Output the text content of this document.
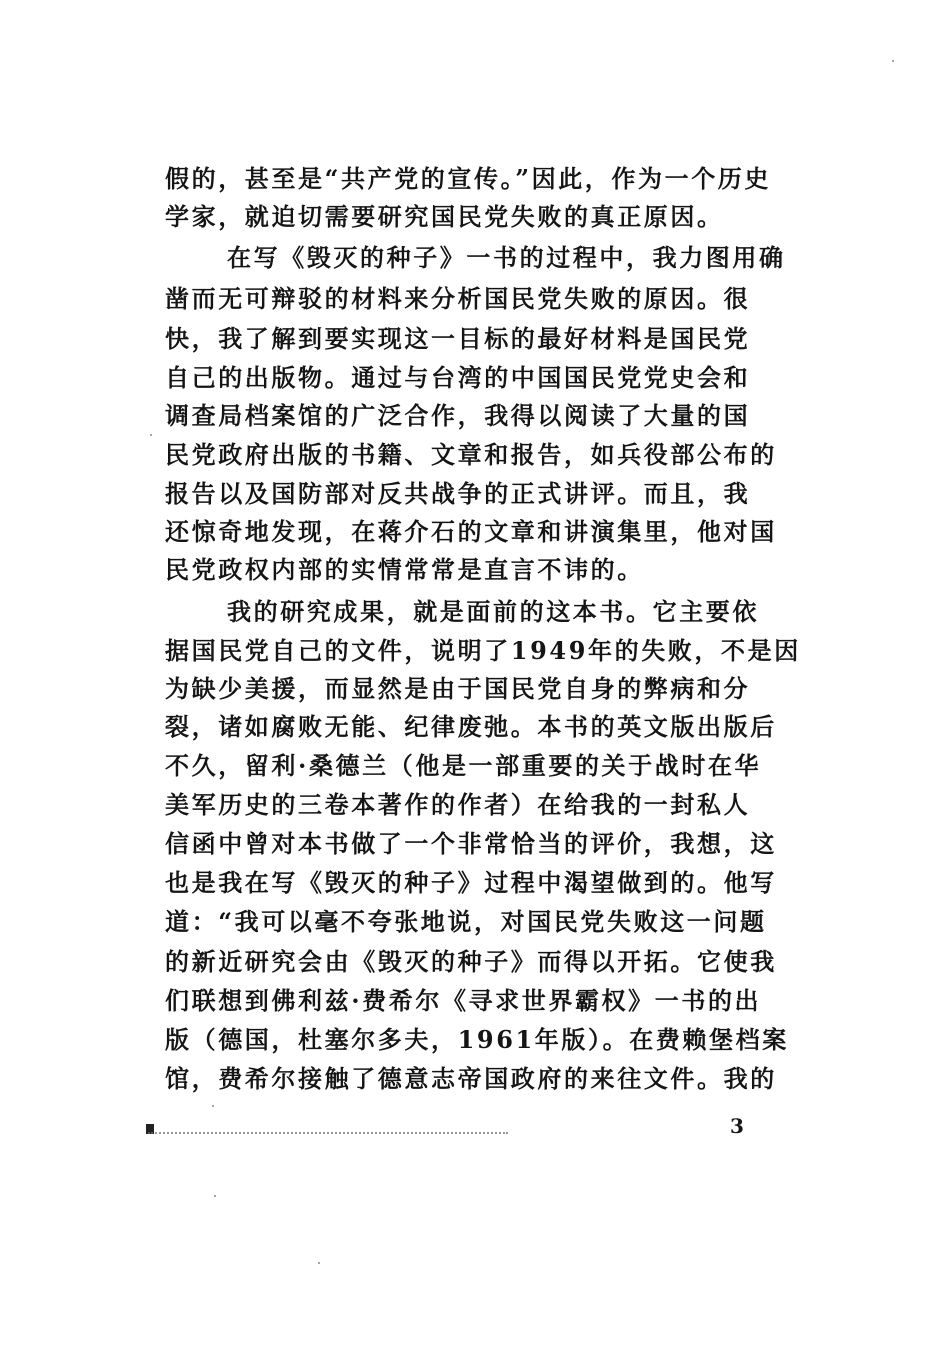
假的，甚至是“共产党的宣传。”因此，作为一个历史
学家，就迫切需要研究国民党失败的真正原因。
在写《毁灭的种子》一书的过程中，我力图用确
凿而无可辩驳的材料来分析国民党失败的原因。很
快，我了解到要实现这一目标的最好材料是国民党
自己的出版物。通过与台湾的中国国民党党史会和
调查局档案馆的广泛合作，我得以阅读了大量的国
民党政府出版的书籍、文章和报告，如兵役部公布的
报告以及国防部对反共战争的正式讲评。而且，我
还惊奇地发现，在蒋介石的文章和讲演集里，他对国
民党政权内部的实情常常是直言不讳的。
我的研究成果，就是面前的这本书。它主要依
据国民党自己的文件，说明了1949年的失败，不是因
为缺少美援，而显然是由于国民党自身的弊病和分
裂，诸如腐败无能、纪律废弛。本书的英文版出版后
不久，留利·桑德兰（他是一部重要的关于战时在华
美军历史的三卷本著作的作者）在给我的一封私人
信函中曾对本书做了一个非常恰当的评价，我想，这
也是我在写《毁灭的种子》过程中渴望做到的。他写
道：“我可以毫不夸张地说，对国民党失败这一问题
的新近研究会由《毁灭的种子》而得以开拓。它使我
们联想到佛利兹·费希尔《寻求世界霸权》一书的出
版（德国，杜塞尔多夫，1961年版）。在费赖堡档案
馆，费希尔接触了德意志帝国政府的来往文件。我的
3
